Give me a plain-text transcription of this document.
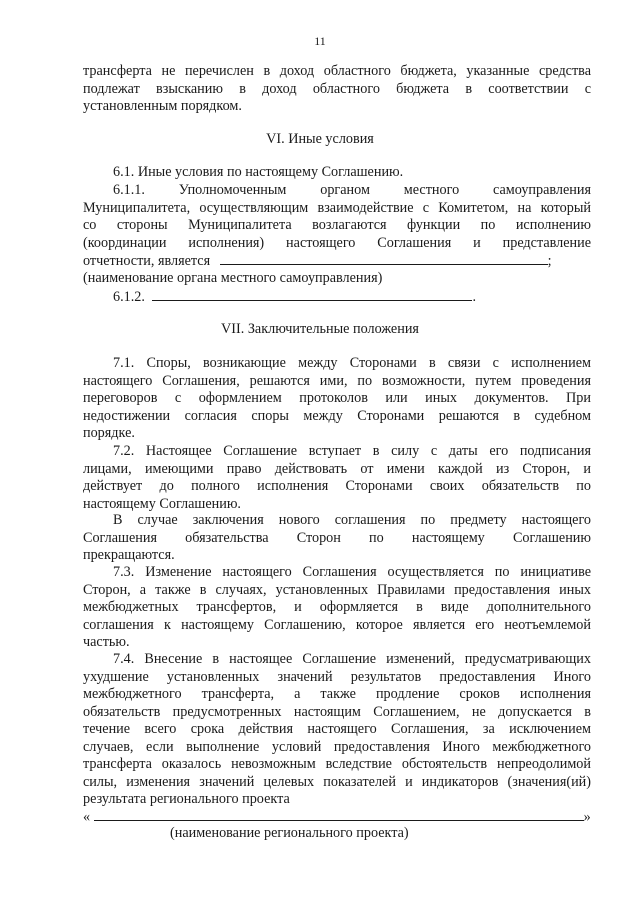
11
трансферта не перечислен в доход областного бюджета, указанные средства
подлежат взысканию в доход областного бюджета в соответствии с
установленным порядком.
VI. Иные условия
6.1. Иные условия по настоящему Соглашению.
6.1.1. Уполномоченным органом местного самоуправления
Муниципалитета, осуществляющим взаимодействие с Комитетом, на который
со стороны Муниципалитета возлагаются функции по исполнению
(координации исполнения) настоящего Соглашения и представление
отчетности, является	;
(наименование органа местного самоуправления)
6.1.2.	.
VII. Заключительные положения
7.1. Споры, возникающие между Сторонами в связи с исполнением
настоящего Соглашения, решаются ими, по возможности, путем проведения
переговоров с оформлением протоколов или иных документов. При
недостижении согласия споры между Сторонами решаются в судебном
порядке.
7.2. Настоящее Соглашение вступает в силу с даты его подписания
лицами, имеющими право действовать от имени каждой из Сторон, и
действует до полного исполнения Сторонами своих обязательств по
настоящему Соглашению.
В случае заключения нового соглашения по предмету настоящего
Соглашения обязательства Сторон по настоящему Соглашению
прекращаются.
7.3. Изменение настоящего Соглашения осуществляется по инициативе
Сторон, а также в случаях, установленных Правилами предоставления иных
межбюджетных трансфертов, и оформляется в виде дополнительного
соглашения к настоящему Соглашению, которое является его неотъемлемой
частью.
7.4. Внесение в настоящее Соглашение изменений, предусматривающих
ухудшение установленных значений результатов предоставления Иного
межбюджетного трансферта, а также продление сроков исполнения
обязательств предусмотренных настоящим Соглашением, не допускается в
течение всего срока действия настоящего Соглашения, за исключением
случаев, если выполнение условий предоставления Иного межбюджетного
трансферта оказалось невозможным вследствие обстоятельств непреодолимой
силы, изменения значений целевых показателей и индикаторов (значения(ий)
результата регионального проекта
«	»
(наименование регионального проекта)
